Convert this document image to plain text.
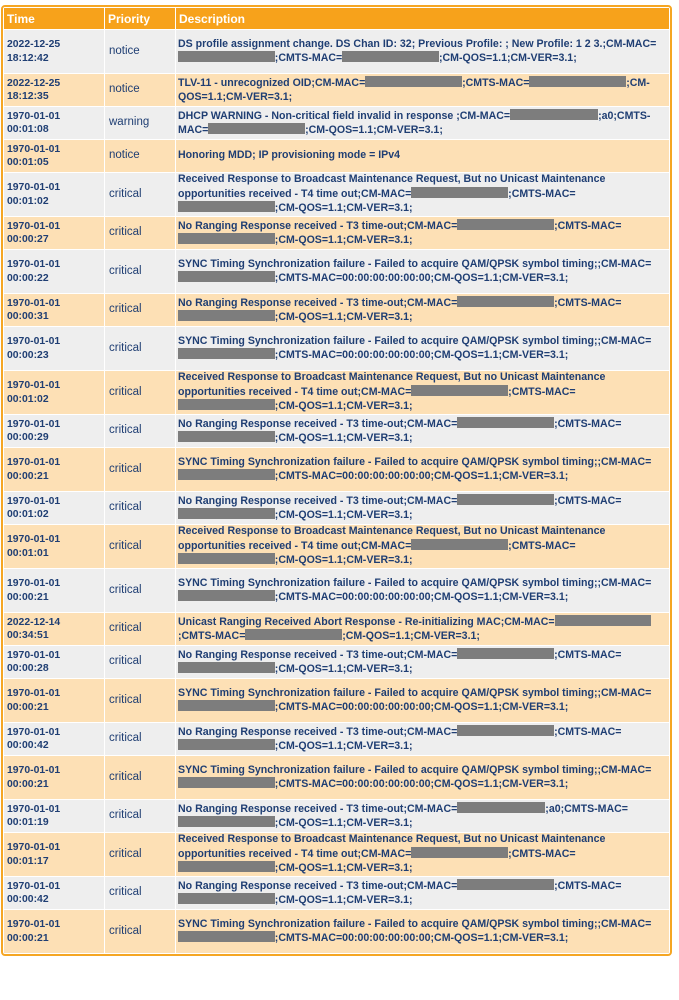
Time	Priority	Description
2022-12-25 18:12:42	notice	DS profile assignment change. DS Chan ID: 32; Previous Profile: ; New Profile: 1 2 3.;CM-MAC=;CMTS-MAC= ;CM-QOS=1.1;CM-VER=3.1;
2022-12-25 18:12:35	notice	TLV-11 - unrecognized OID;CM-MAC= ;CMTS-MAC= ;CM-QOS=1.1;CM-VER=3.1;
1970-01-01 00:01:08	warning	DHCP WARNING - Non-critical field invalid in response ;CM-MAC= ;a0;CMTS-MAC= ;CM-QOS=1.1;CM-VER=3.1;
1970-01-01 00:01:05	notice	Honoring MDD; IP provisioning mode = IPv4
1970-01-01 00:01:02	critical	Received Response to Broadcast Maintenance Request, But no Unicast Maintenance opportunities received - T4 time out;CM-MAC= ;CMTS-MAC=;CM-QOS=1.1;CM-VER=3.1;
1970-01-01 00:00:27	critical	No Ranging Response received - T3 time-out;CM-MAC= ;CMTS-MAC=;CM-QOS=1.1;CM-VER=3.1;
1970-01-01 00:00:22	critical	SYNC Timing Synchronization failure - Failed to acquire QAM/QPSK symbol timing;;CM-MAC=;CMTS-MAC=00:00:00:00:00:00;CM-QOS=1.1;CM-VER=3.1;
1970-01-01 00:00:31	critical	No Ranging Response received - T3 time-out;CM-MAC= ;CMTS-MAC=;CM-QOS=1.1;CM-VER=3.1;
1970-01-01 00:00:23	critical	SYNC Timing Synchronization failure - Failed to acquire QAM/QPSK symbol timing;;CM-MAC=;CMTS-MAC=00:00:00:00:00:00;CM-QOS=1.1;CM-VER=3.1;
1970-01-01 00:01:02	critical	Received Response to Broadcast Maintenance Request, But no Unicast Maintenance opportunities received - T4 time out;CM-MAC= ;CMTS-MAC=;CM-QOS=1.1;CM-VER=3.1;
1970-01-01 00:00:29	critical	No Ranging Response received - T3 time-out;CM-MAC= ;CMTS-MAC=;CM-QOS=1.1;CM-VER=3.1;
1970-01-01 00:00:21	critical	SYNC Timing Synchronization failure - Failed to acquire QAM/QPSK symbol timing;;CM-MAC=;CMTS-MAC=00:00:00:00:00:00;CM-QOS=1.1;CM-VER=3.1;
1970-01-01 00:01:02	critical	No Ranging Response received - T3 time-out;CM-MAC= ;CMTS-MAC=;CM-QOS=1.1;CM-VER=3.1;
1970-01-01 00:01:01	critical	Received Response to Broadcast Maintenance Request, But no Unicast Maintenance opportunities received - T4 time out;CM-MAC= ;CMTS-MAC=;CM-QOS=1.1;CM-VER=3.1;
1970-01-01 00:00:21	critical	SYNC Timing Synchronization failure - Failed to acquire QAM/QPSK symbol timing;;CM-MAC=;CMTS-MAC=00:00:00:00:00:00;CM-QOS=1.1;CM-VER=3.1;
2022-12-14 00:34:51	critical	Unicast Ranging Received Abort Response - Re-initializing MAC;CM-MAC=;CMTS-MAC= ;CM-QOS=1.1;CM-VER=3.1;
1970-01-01 00:00:28	critical	No Ranging Response received - T3 time-out;CM-MAC= ;CMTS-MAC=;CM-QOS=1.1;CM-VER=3.1;
1970-01-01 00:00:21	critical	SYNC Timing Synchronization failure - Failed to acquire QAM/QPSK symbol timing;;CM-MAC=;CMTS-MAC=00:00:00:00:00:00;CM-QOS=1.1;CM-VER=3.1;
1970-01-01 00:00:42	critical	No Ranging Response received - T3 time-out;CM-MAC= ;CMTS-MAC=;CM-QOS=1.1;CM-VER=3.1;
1970-01-01 00:00:21	critical	SYNC Timing Synchronization failure - Failed to acquire QAM/QPSK symbol timing;;CM-MAC=;CMTS-MAC=00:00:00:00:00:00;CM-QOS=1.1;CM-VER=3.1;
1970-01-01 00:01:19	critical	No Ranging Response received - T3 time-out;CM-MAC= ;a0;CMTS-MAC=;CM-QOS=1.1;CM-VER=3.1;
1970-01-01 00:01:17	critical	Received Response to Broadcast Maintenance Request, But no Unicast Maintenance opportunities received - T4 time out;CM-MAC= ;CMTS-MAC=;CM-QOS=1.1;CM-VER=3.1;
1970-01-01 00:00:42	critical	No Ranging Response received - T3 time-out;CM-MAC= ;CMTS-MAC=;CM-QOS=1.1;CM-VER=3.1;
1970-01-01 00:00:21	critical	SYNC Timing Synchronization failure - Failed to acquire QAM/QPSK symbol timing;;CM-MAC=;CMTS-MAC=00:00:00:00:00:00;CM-QOS=1.1;CM-VER=3.1;
